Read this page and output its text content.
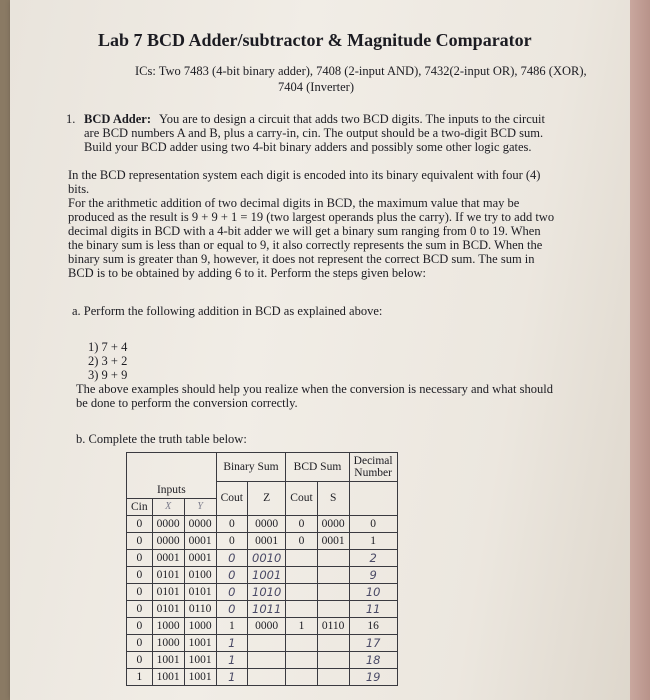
Lab 7 BCD Adder/subtractor & Magnitude Comparator
ICs: Two 7483 (4-bit binary adder), 7408 (2-input AND), 7432(2-input OR), 7486 (XOR),
7404 (Inverter)
1. BCD Adder: You are to design a circuit that adds two BCD digits. The inputs to the circuit
are BCD numbers A and B, plus a carry-in, cin. The output should be a two-digit BCD sum.
Build your BCD adder using two 4-bit binary adders and possibly some other logic gates.
In the BCD representation system each digit is encoded into its binary equivalent with four (4)
bits.
For the arithmetic addition of two decimal digits in BCD, the maximum value that may be
produced as the result is 9 + 9 + 1 = 19 (two largest operands plus the carry). If we try to add two
decimal digits in BCD with a 4-bit adder we will get a binary sum ranging from 0 to 19. When
the binary sum is less than or equal to 9, it also correctly represents the sum in BCD. When the
binary sum is greater than 9, however, it does not represent the correct BCD sum. The sum in
BCD is to be obtained by adding 6 to it. Perform the steps given below:
a. Perform the following addition in BCD as explained above:
1) 7 + 4
2) 3 + 2
3) 9 + 9
The above examples should help you realize when the conversion is necessary and what should
be done to perform the conversion correctly.
b. Complete the truth table below:
			Binary Sum		BCD Sum		Decimal
Number
Inputs			Cout	Z	Cout	S	
Cin	X	Y					
0	0000	0000	0	0000	0	0000	0
0	0000	0001	0	0001	0	0001	1
0	0001	0001	0	0010			2
0	0101	0100	0	1001			9
0	0101	0101	0	1010			10
0	0101	0110	0	1011			11
0	1000	1000	1	0000	1	0110	16
0	1000	1001	1				17
0	1001	1001	1				18
1	1001	1001	1				19
